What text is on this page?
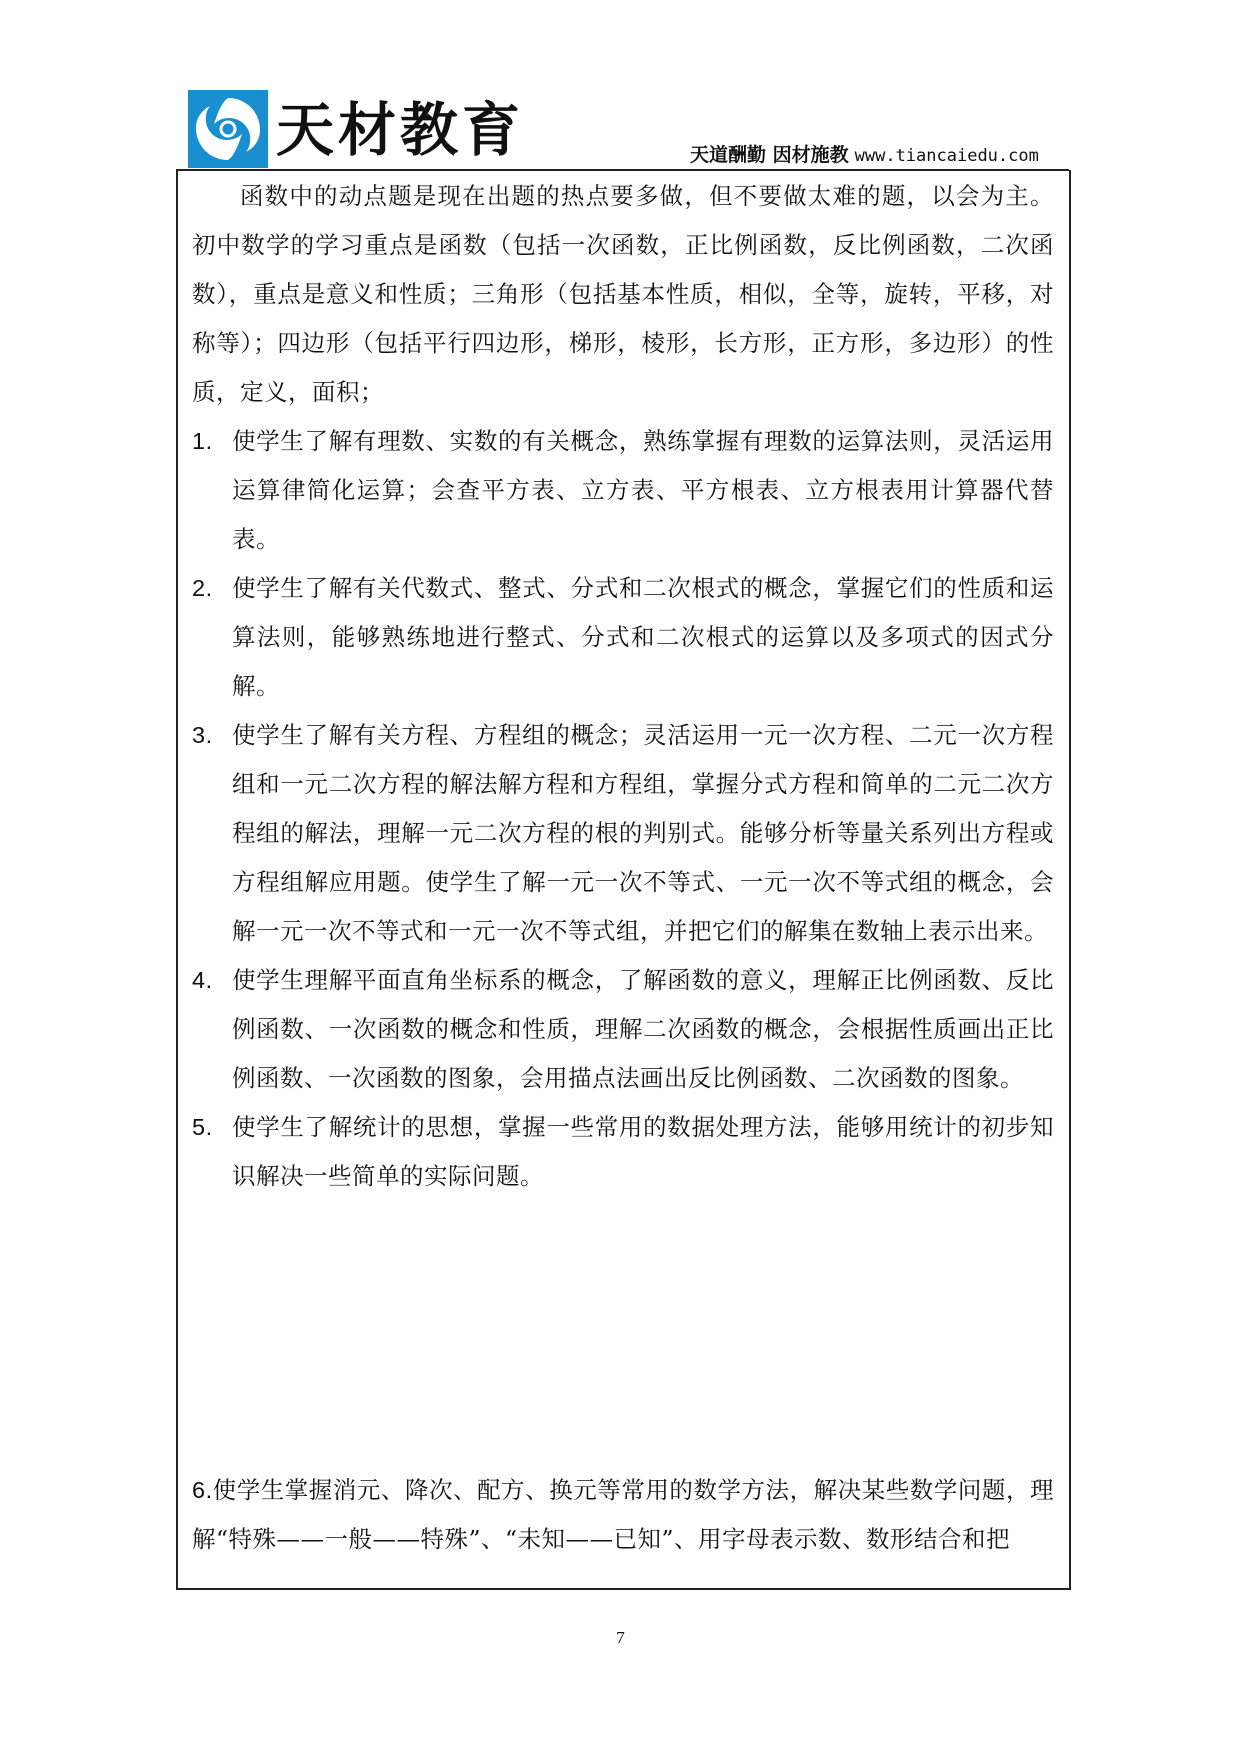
天材教育	天道酬勤 因材施教 www.tiancaiedu.com
函数中的动点题是现在出题的热点要多做，但不要做太难的题，以会为主。初中数学的学习重点是函数（包括一次函数，正比例函数，反比例函数，二次函数），重点是意义和性质；三角形（包括基本性质，相似，全等，旋转，平移，对称等）；四边形（包括平行四边形，梯形，棱形，长方形，正方形，多边形）的性质，定义，面积；
1. 使学生了解有理数、实数的有关概念，熟练掌握有理数的运算法则，灵活运用运算律简化运算；会查平方表、立方表、平方根表、立方根表用计算器代替表。
2. 使学生了解有关代数式、整式、分式和二次根式的概念，掌握它们的性质和运算法则，能够熟练地进行整式、分式和二次根式的运算以及多项式的因式分解。
3. 使学生了解有关方程、方程组的概念；灵活运用一元一次方程、二元一次方程组和一元二次方程的解法解方程和方程组，掌握分式方程和简单的二元二次方程组的解法，理解一元二次方程的根的判别式。能够分析等量关系列出方程或方程组解应用题。使学生了解一元一次不等式、一元一次不等式组的概念，会解一元一次不等式和一元一次不等式组，并把它们的解集在数轴上表示出来。
4. 使学生理解平面直角坐标系的概念，了解函数的意义，理解正比例函数、反比例函数、一次函数的概念和性质，理解二次函数的概念，会根据性质画出正比例函数、一次函数的图象，会用描点法画出反比例函数、二次函数的图象。
5. 使学生了解统计的思想，掌握一些常用的数据处理方法，能够用统计的初步知识解决一些简单的实际问题。
6.使学生掌握消元、降次、配方、换元等常用的数学方法，解决某些数学问题，理解“特殊——一般——特殊”、“未知——已知”、用字母表示数、数形结合和把
7
